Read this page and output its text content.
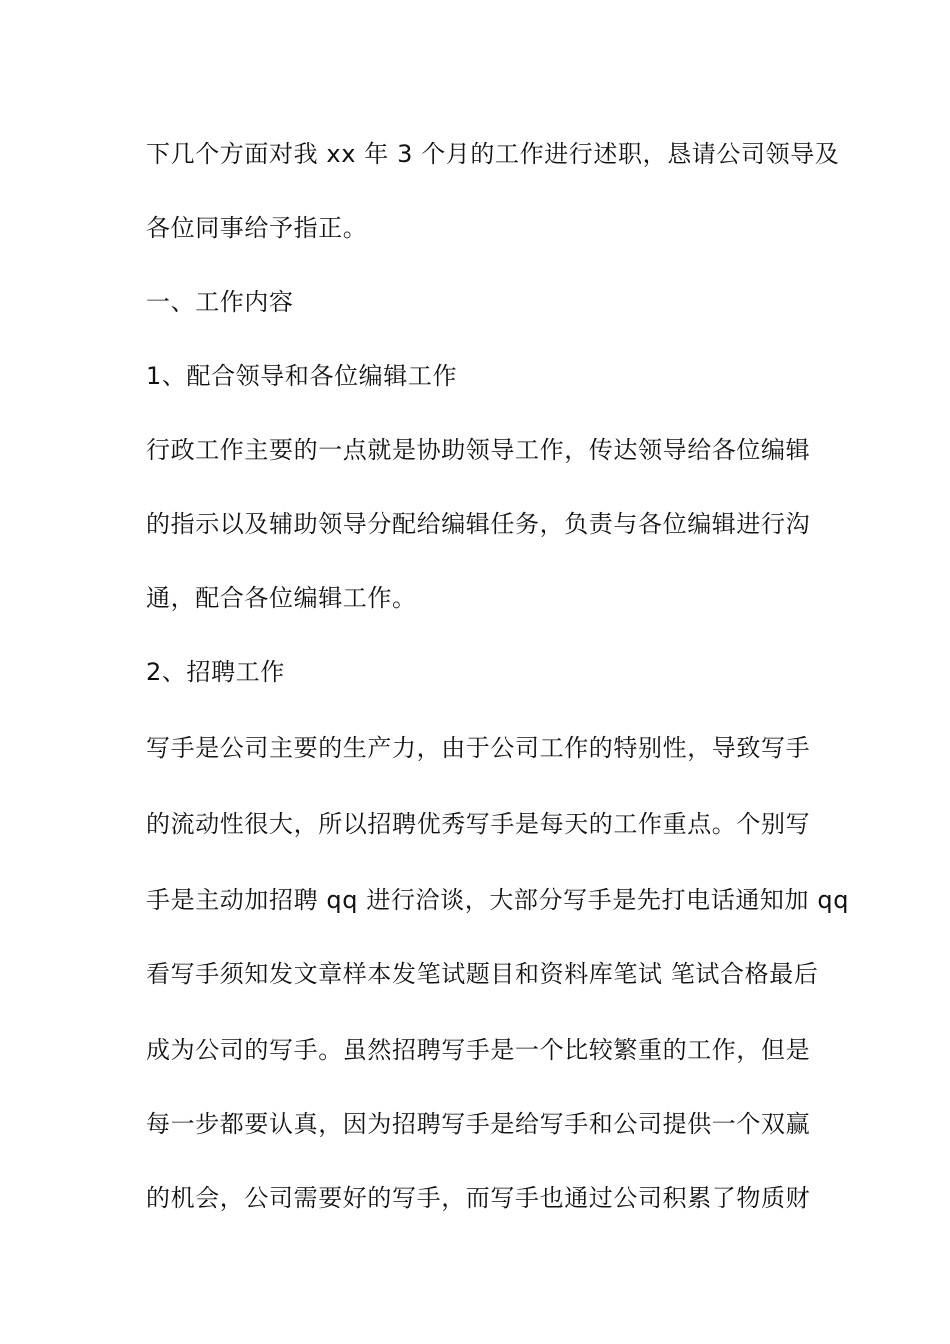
下几个方面对我 xx 年 3 个月的工作进行述职，恳请公司领导及
各位同事给予指正。
一、工作内容
1、配合领导和各位编辑工作
行政工作主要的一点就是协助领导工作，传达领导给各位编辑
的指示以及辅助领导分配给编辑任务，负责与各位编辑进行沟
通，配合各位编辑工作。
2、招聘工作
写手是公司主要的生产力，由于公司工作的特别性，导致写手
的流动性很大，所以招聘优秀写手是每天的工作重点。个别写
手是主动加招聘 qq 进行洽谈，大部分写手是先打电话通知加 qq
看写手须知发文章样本发笔试题目和资料库笔试 笔试合格最后
成为公司的写手。虽然招聘写手是一个比较繁重的工作，但是
每一步都要认真，因为招聘写手是给写手和公司提供一个双赢
的机会，公司需要好的写手，而写手也通过公司积累了物质财
